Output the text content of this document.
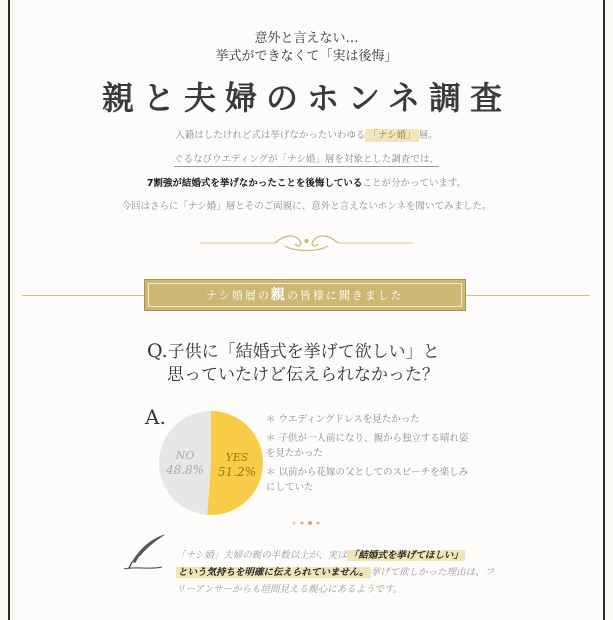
意外と言えない…
挙式ができなくて「実は後悔」
親と夫婦のホンネ調査

入籍はしたけれど式は挙げなかったいわゆる 「ナシ婚」 層。

ぐるなびウエディングが「ナシ婚」層を対象とした調査では、

7割強が結婚式を挙げなかったことを後悔していることが分かっています。

今回はさらに「ナシ婚」層とそのご両親に、意外と言えないホンネを聞いてみました。

ナシ婚層の親の皆様に聞きました
Q.子供に「結婚式を挙げて欲しい」と
思っていたけど伝えられなかった？
A.
YES
51.2%
NO
48.8%
＊ ウエディングドレスを見たかった
＊ 子供が一人前になり、親から独立する晴れ姿を見たかった
＊ 以前から花嫁の父としてのスピーチを楽しみにしていた
「ナシ婚」夫婦の親の半数以上が、実は 「結婚式を挙げてほしい」
という気持ちを明確に伝えられていません。 挙げて欲しかった理由は、フリーアンサーからも垣間見える親心にあるようです。
